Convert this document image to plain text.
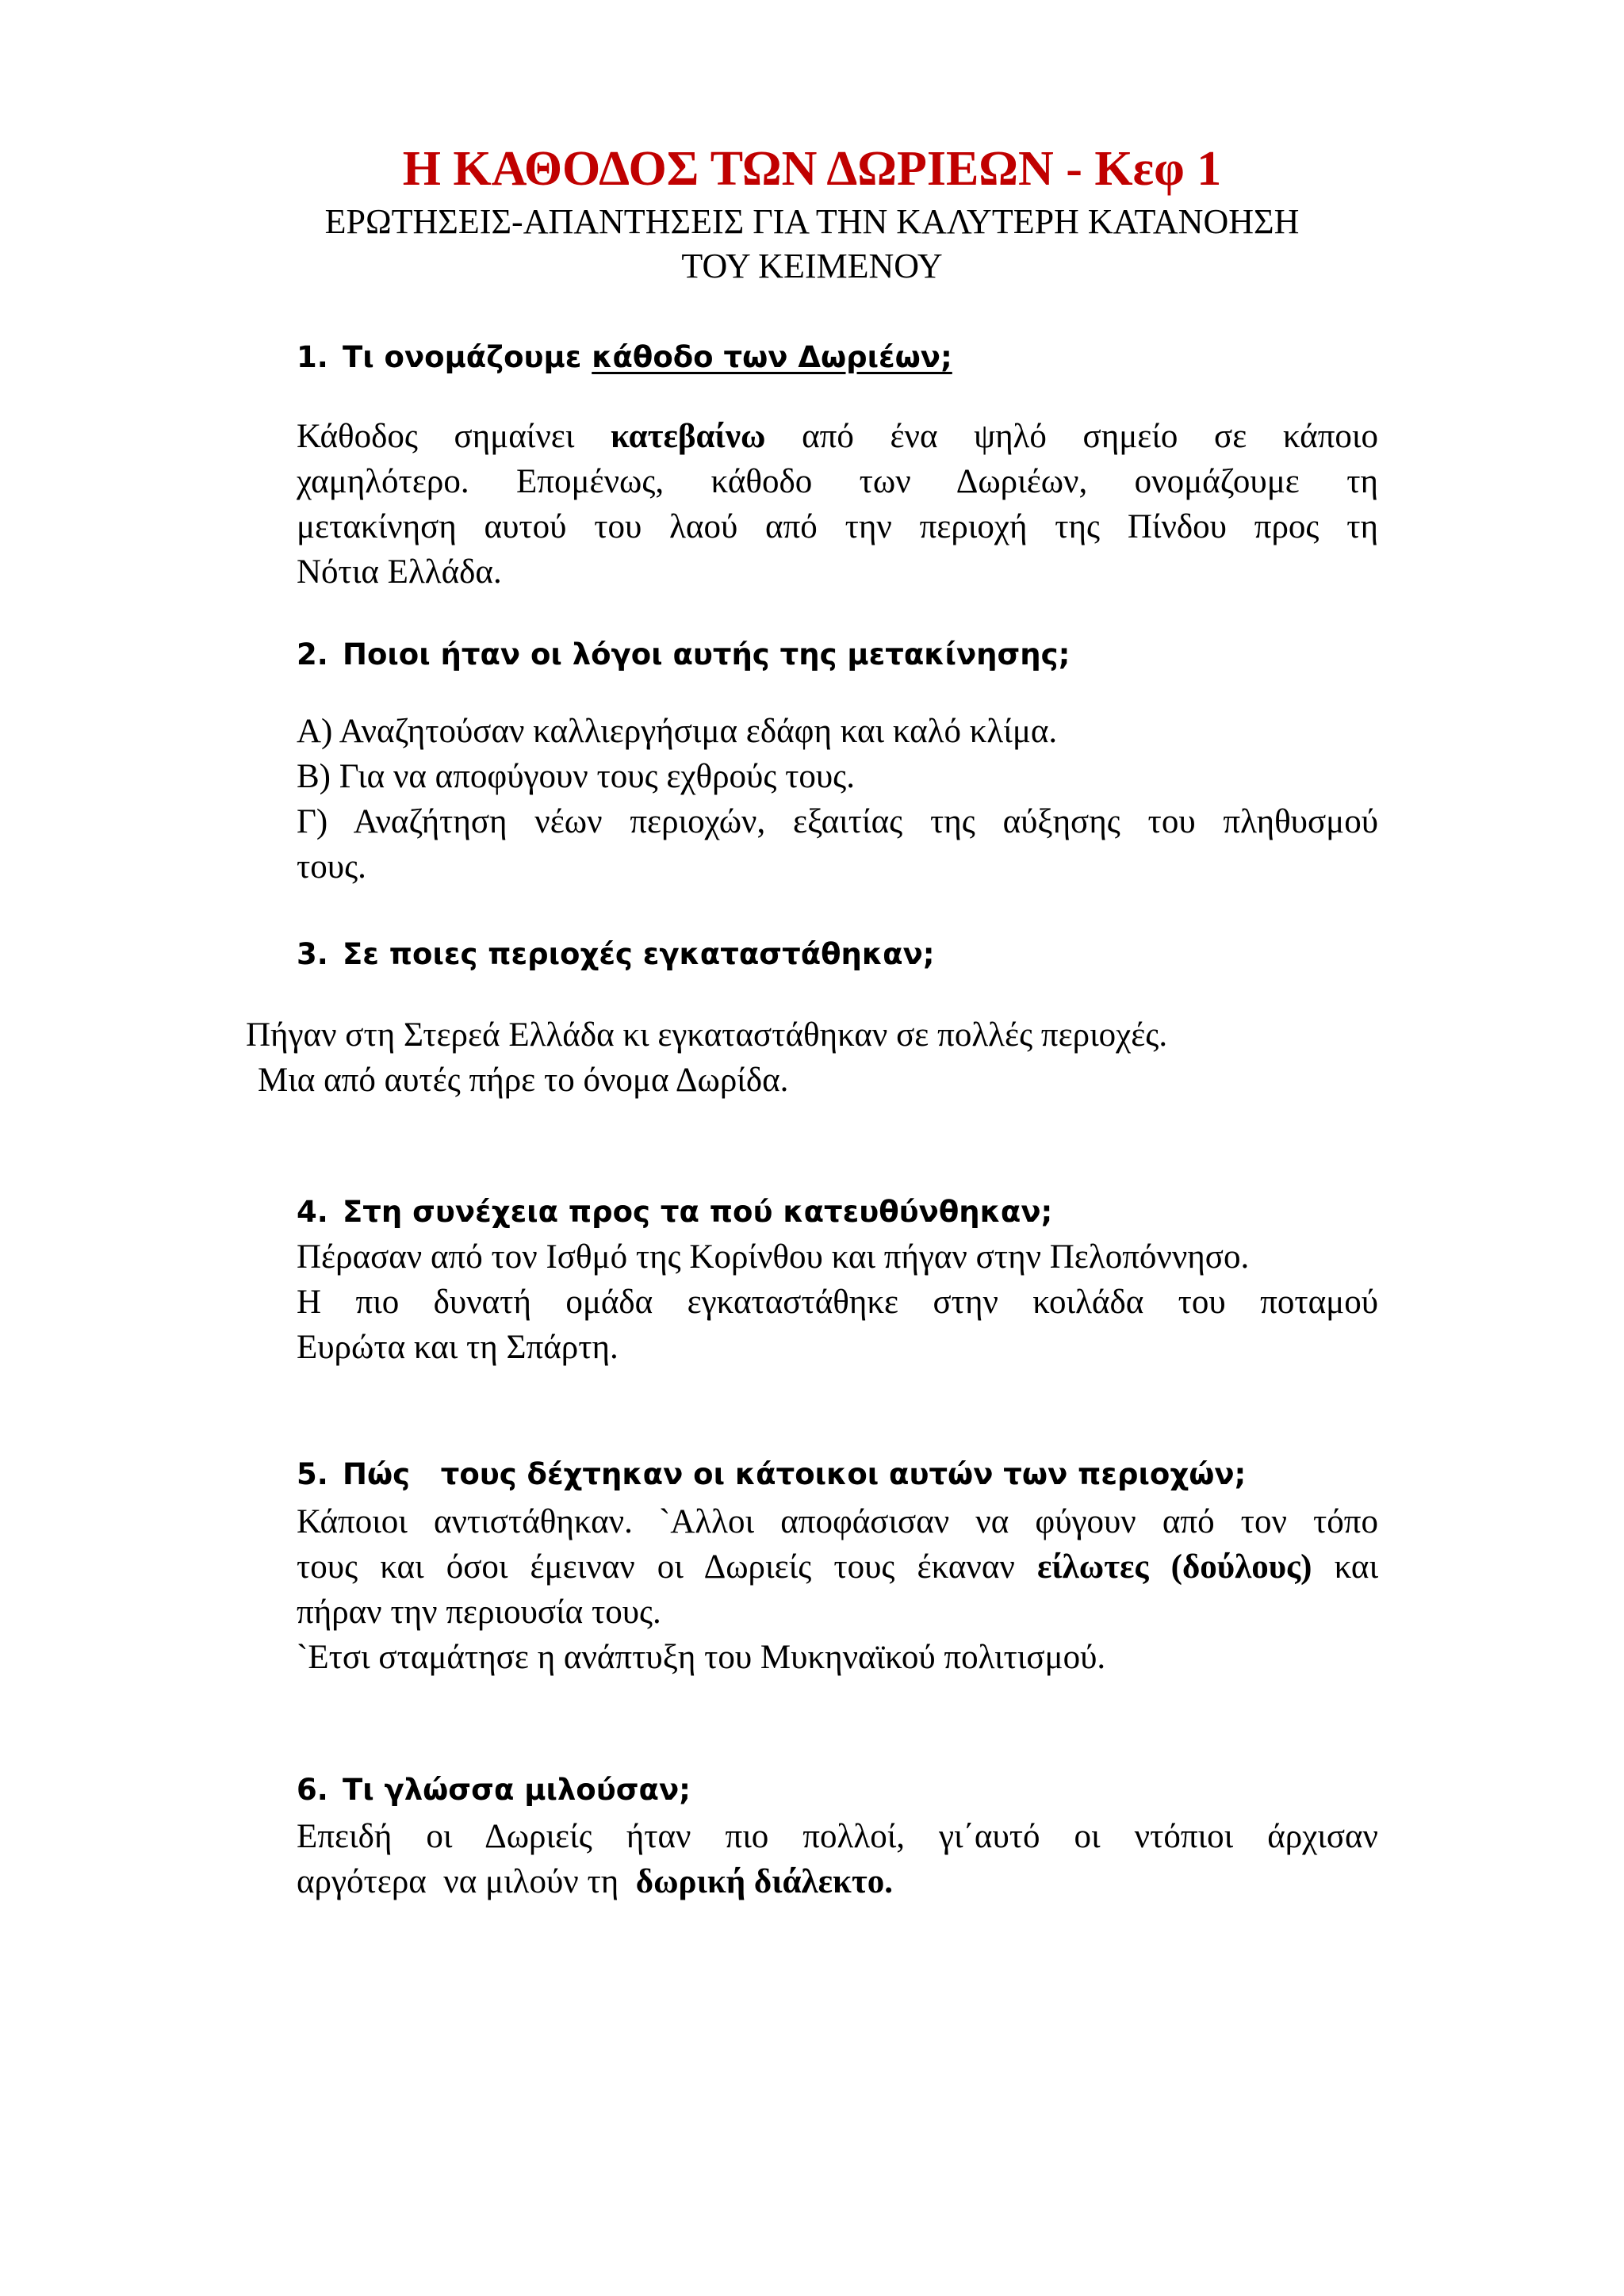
Η ΚΑΘΟΔΟΣ ΤΩΝ ΔΩΡΙΕΩΝ - Κεφ 1
ΕΡΩΤΗΣΕΙΣ-ΑΠΑΝΤΗΣΕΙΣ ΓΙΑ ΤΗΝ ΚΑΛΥΤΕΡΗ ΚΑΤΑΝΟΗΣΗ
ΤΟΥ ΚΕΙΜΕΝΟΥ

1. Τι ονομάζουμε κάθοδο των Δωριέων;

Κάθοδος σημαίνει κατεβαίνω από ένα ψηλό σημείο σε κάποιο
χαμηλότερο. Επομένως, κάθοδο των Δωριέων, ονομάζουμε τη
μετακίνηση αυτού του λαού από την περιοχή της Πίνδου προς τη
Νότια Ελλάδα.

2. Ποιοι ήταν οι λόγοι αυτής της μετακίνησης;

Α) Αναζητούσαν καλλιεργήσιμα εδάφη και καλό κλίμα.
Β) Για να αποφύγουν τους εχθρούς τους.
Γ) Αναζήτηση νέων περιοχών, εξαιτίας της αύξησης του πληθυσμού
τους.

3. Σε ποιες περιοχές εγκαταστάθηκαν;

Πήγαν στη Στερεά Ελλάδα κι εγκαταστάθηκαν σε πολλές περιοχές.

Μια από αυτές πήρε το όνομα Δωρίδα.

4. Στη συνέχεια προς τα πού κατευθύνθηκαν;

Πέρασαν από τον Ισθμό της Κορίνθου και πήγαν στην Πελοπόννησο.
Η πιο δυνατή ομάδα εγκαταστάθηκε στην κοιλάδα του ποταμού
Ευρώτα και τη Σπάρτη.

5. Πώς   τους δέχτηκαν οι κάτοικοι αυτών των περιοχών;

Κάποιοι αντιστάθηκαν. `Αλλοι αποφάσισαν να φύγουν από τον τόπο
τους και όσοι έμειναν οι Δωριείς τους έκαναν είλωτες (δούλους) και
πήραν την περιουσία τους.
`Ετσι σταμάτησε η ανάπτυξη του Μυκηναϊκού πολιτισμού.

6. Τι γλώσσα μιλούσαν;

Επειδή οι Δωριείς ήταν πιο πολλοί, γι΄αυτό οι ντόπιοι άρχισαν
αργότερα  να μιλούν τη  δωρική διάλεκτο.
